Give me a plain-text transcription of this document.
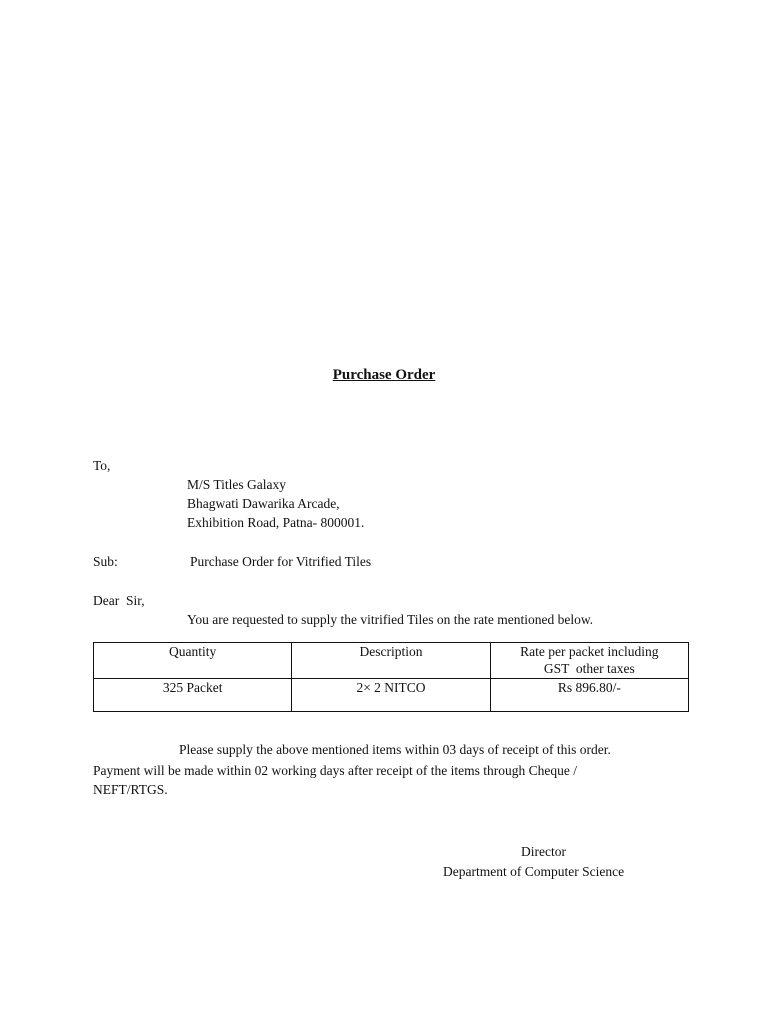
Purchase Order
To,
M/S Titles Galaxy
Bhagwati Dawarika Arcade,
Exhibition Road, Patna- 800001.
Sub:	Purchase Order for Vitrified Tiles
Dear  Sir,
You are requested to supply the vitrified Tiles on the rate mentioned below.
Quantity	Description	Rate per packet including
GST  other taxes

325 Packet	2× 2 NITCO	Rs 896.80/-
Please supply the above mentioned items within 03 days of receipt of this order.
Payment will be made within 02 working days after receipt of the items through Cheque /
NEFT/RTGS.
Director
Department of Computer Science
